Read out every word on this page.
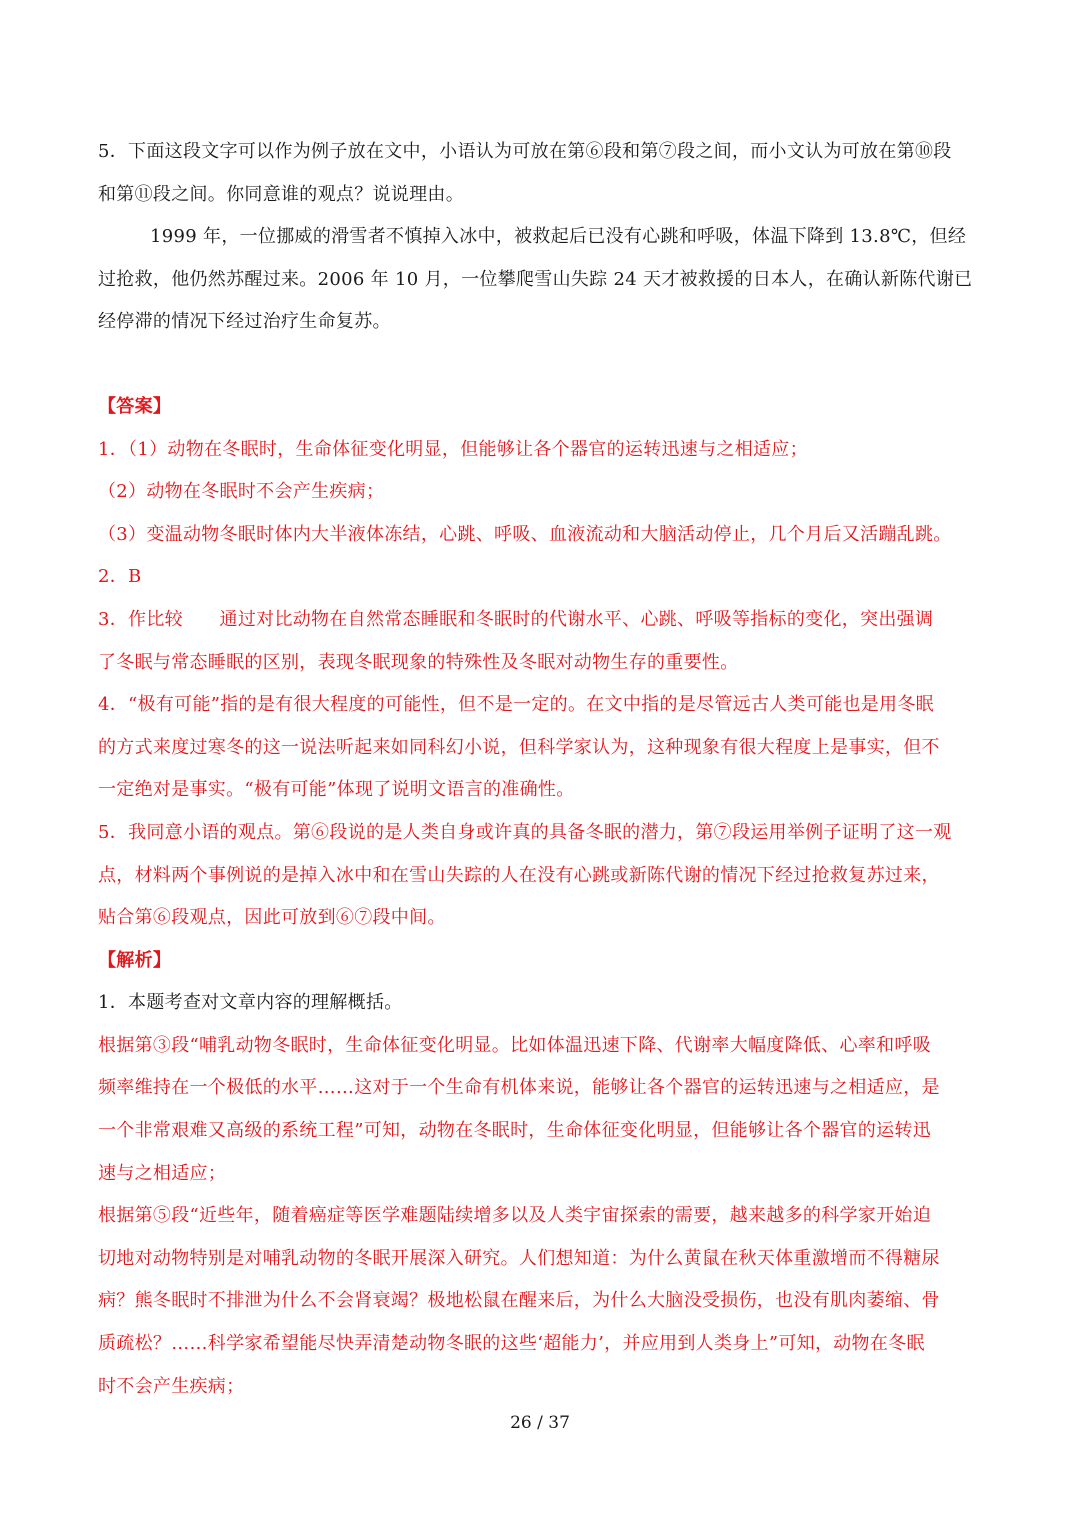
5．下面这段文字可以作为例子放在文中，小语认为可放在第⑥段和第⑦段之间，而小文认为可放在第⑩段
和第⑪段之间。你同意谁的观点？说说理由。
1999 年，一位挪威的滑雪者不慎掉入冰中，被救起后已没有心跳和呼吸，体温下降到 13.8℃，但经
过抢救，他仍然苏醒过来。2006 年 10 月，一位攀爬雪山失踪 24 天才被救援的日本人，在确认新陈代谢已
经停滞的情况下经过治疗生命复苏。
【答案】
1．（1）动物在冬眠时，生命体征变化明显，但能够让各个器官的运转迅速与之相适应；
（2）动物在冬眠时不会产生疾病；
（3）变温动物冬眠时体内大半液体冻结，心跳、呼吸、血液流动和大脑活动停止，几个月后又活蹦乱跳。
2．B
3．作比较　　通过对比动物在自然常态睡眠和冬眠时的代谢水平、心跳、呼吸等指标的变化，突出强调
了冬眠与常态睡眠的区别，表现冬眠现象的特殊性及冬眠对动物生存的重要性。
4．“极有可能”指的是有很大程度的可能性，但不是一定的。在文中指的是尽管远古人类可能也是用冬眠
的方式来度过寒冬的这一说法听起来如同科幻小说，但科学家认为，这种现象有很大程度上是事实，但不
一定绝对是事实。“极有可能”体现了说明文语言的准确性。
5．我同意小语的观点。第⑥段说的是人类自身或许真的具备冬眠的潜力，第⑦段运用举例子证明了这一观
点，材料两个事例说的是掉入冰中和在雪山失踪的人在没有心跳或新陈代谢的情况下经过抢救复苏过来，
贴合第⑥段观点，因此可放到⑥⑦段中间。
【解析】
1．本题考查对文章内容的理解概括。
根据第③段“哺乳动物冬眠时，生命体征变化明显。比如体温迅速下降、代谢率大幅度降低、心率和呼吸
频率维持在一个极低的水平……这对于一个生命有机体来说，能够让各个器官的运转迅速与之相适应，是
一个非常艰难又高级的系统工程”可知，动物在冬眠时，生命体征变化明显，但能够让各个器官的运转迅
速与之相适应；
根据第⑤段“近些年，随着癌症等医学难题陆续增多以及人类宇宙探索的需要，越来越多的科学家开始迫
切地对动物特别是对哺乳动物的冬眠开展深入研究。人们想知道：为什么黄鼠在秋天体重激增而不得糖尿
病？熊冬眠时不排泄为什么不会肾衰竭？极地松鼠在醒来后，为什么大脑没受损伤，也没有肌肉萎缩、骨
质疏松？……科学家希望能尽快弄清楚动物冬眠的这些‘超能力’，并应用到人类身上”可知，动物在冬眠
时不会产生疾病；
26 / 37
